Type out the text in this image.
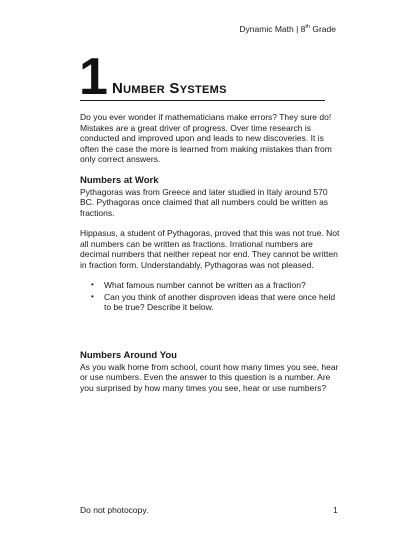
Dynamic Math | 8th Grade
1 Number Systems

Do you ever wonder if mathematicians make errors? They sure do! Mistakes are a great driver of progress. Over time research is conducted and improved upon and leads to new discoveries. It is often the case the more is learned from making mistakes than from only correct answers.

Numbers at Work

Pythagoras was from Greece and later studied in Italy around 570 BC. Pythagoras once claimed that all numbers could be written as fractions.

Hippasus, a student of Pythagoras, proved that this was not true. Not all numbers can be written as fractions. Irrational numbers are decimal numbers that neither repeat nor end. They cannot be written in fraction form. Understandably, Pythagoras was not pleased.

• What famous number cannot be written as a fraction?
• Can you think of another disproven ideas that were once held to be true? Describe it below.

Numbers Around You

As you walk home from school, count how many times you see, hear or use numbers. Even the answer to this question is a number. Are you surprised by how many times you see, hear or use numbers?

Do not photocopy.	1
